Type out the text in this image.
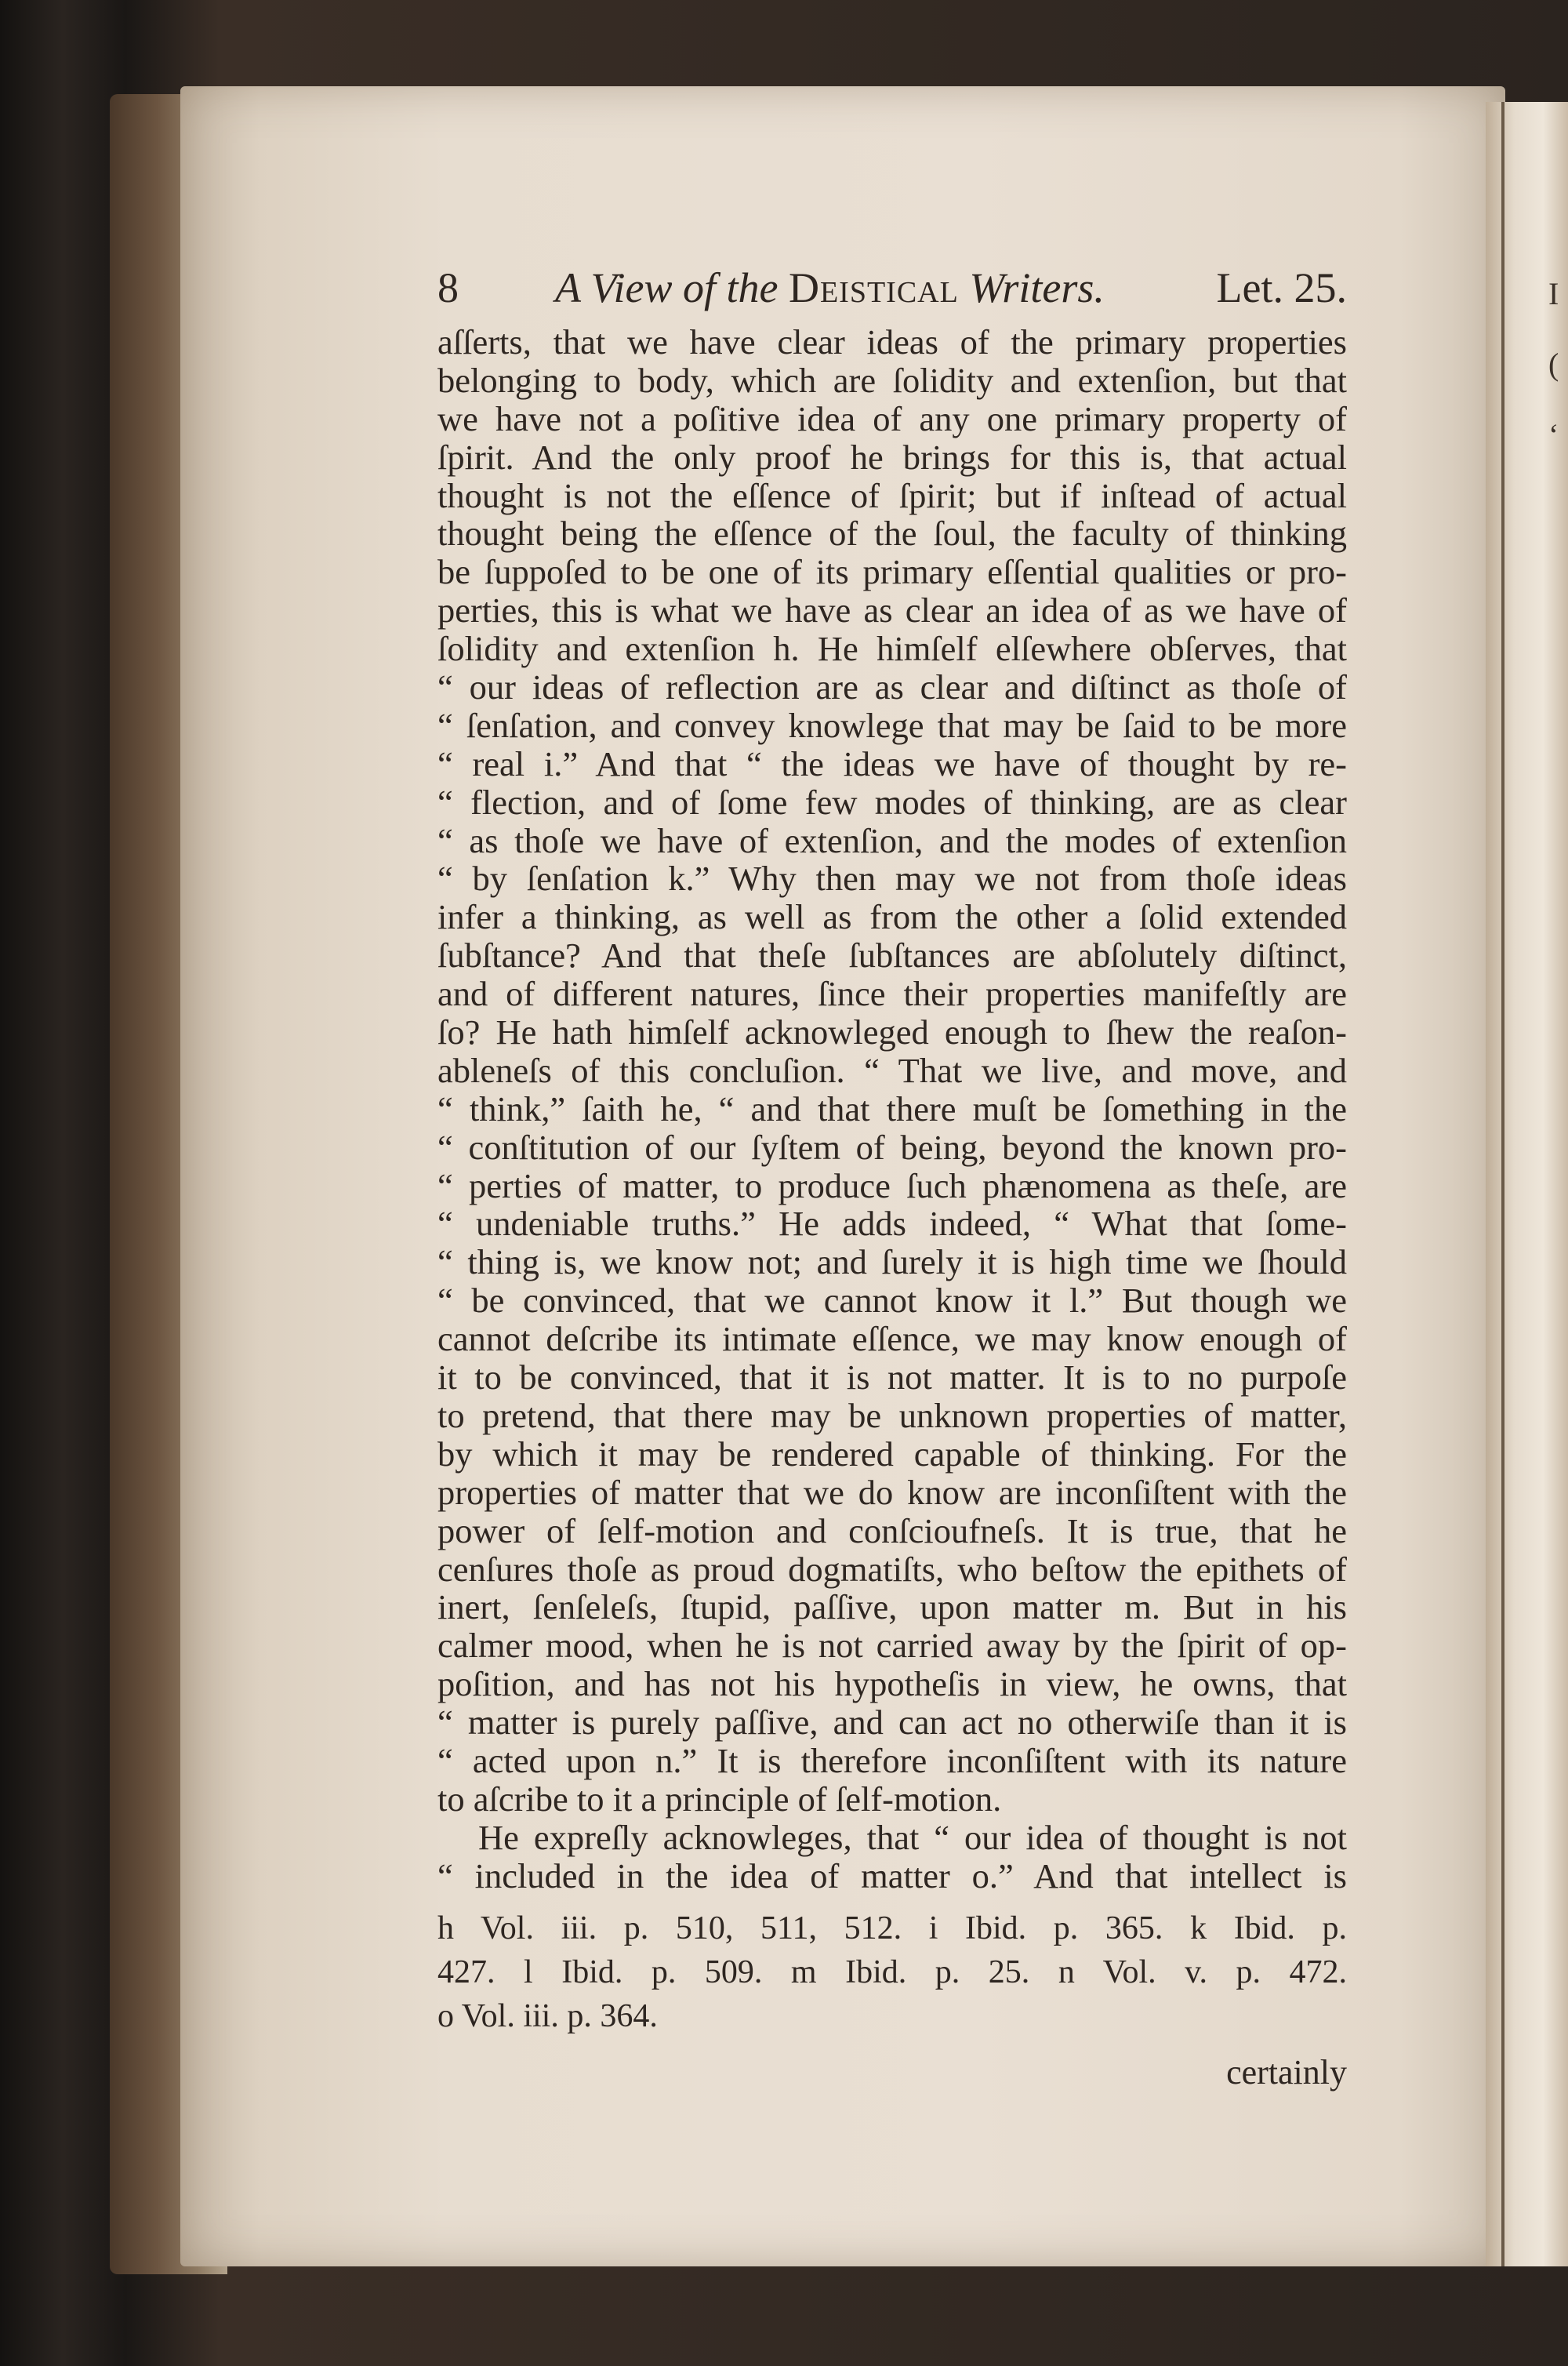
I
(
‘
8 A View of the Deistical Writers.	Let. 25.
aſſerts, that we have clear ideas of the primary properties
belonging to body, which are ſolidity and extenſion, but that
we have not a poſitive idea of any one primary property of
ſpirit. And the only proof he brings for this is, that actual
thought is not the eſſence of ſpirit; but if inſtead of actual
thought being the eſſence of the ſoul, the faculty of thinking
be ſuppoſed to be one of its primary eſſential qualities or pro-
perties, this is what we have as clear an idea of as we have of
ſolidity and extenſion h. He himſelf elſewhere obſerves, that
“ our ideas of reflection are as clear and diſtinct as thoſe of
“ ſenſation, and convey knowlege that may be ſaid to be more
“ real i.” And that “ the ideas we have of thought by re-
“ flection, and of ſome few modes of thinking, are as clear
“ as thoſe we have of extenſion, and the modes of extenſion
“ by ſenſation k.” Why then may we not from thoſe ideas
infer a thinking, as well as from the other a ſolid extended
ſubſtance? And that theſe ſubſtances are abſolutely diſtinct,
and of different natures, ſince their properties manifeſtly are
ſo? He hath himſelf acknowleged enough to ſhew the reaſon-
ableneſs of this concluſion. “ That we live, and move, and
“ think,” ſaith he, “ and that there muſt be ſomething in the
“ conſtitution of our ſyſtem of being, beyond the known pro-
“ perties of matter, to produce ſuch phænomena as theſe, are
“ undeniable truths.” He adds indeed, “ What that ſome-
“ thing is, we know not; and ſurely it is high time we ſhould
“ be convinced, that we cannot know it l.” But though we
cannot deſcribe its intimate eſſence, we may know enough of
it to be convinced, that it is not matter. It is to no purpoſe
to pretend, that there may be unknown properties of matter,
by which it may be rendered capable of thinking. For the
properties of matter that we do know are inconſiſtent with the
power of ſelf-motion and conſcioufneſs. It is true, that he
cenſures thoſe as proud dogmatiſts, who beſtow the epithets of
inert, ſenſeleſs, ſtupid, paſſive, upon matter m. But in his
calmer mood, when he is not carried away by the ſpirit of op-
poſition, and has not his hypotheſis in view, he owns, that
“ matter is purely paſſive, and can act no otherwiſe than it is
“ acted upon n.” It is therefore inconſiſtent with its nature
to aſcribe to it a principle of ſelf-motion.
He expreſly acknowleges, that “ our idea of thought is not
“ included in the idea of matter o.” And that intellect is
h Vol. iii. p. 510, 511, 512. i Ibid. p. 365. k Ibid. p.
427. l Ibid. p. 509. m Ibid. p. 25. n Vol. v. p. 472.
o Vol. iii. p. 364.
certainly
